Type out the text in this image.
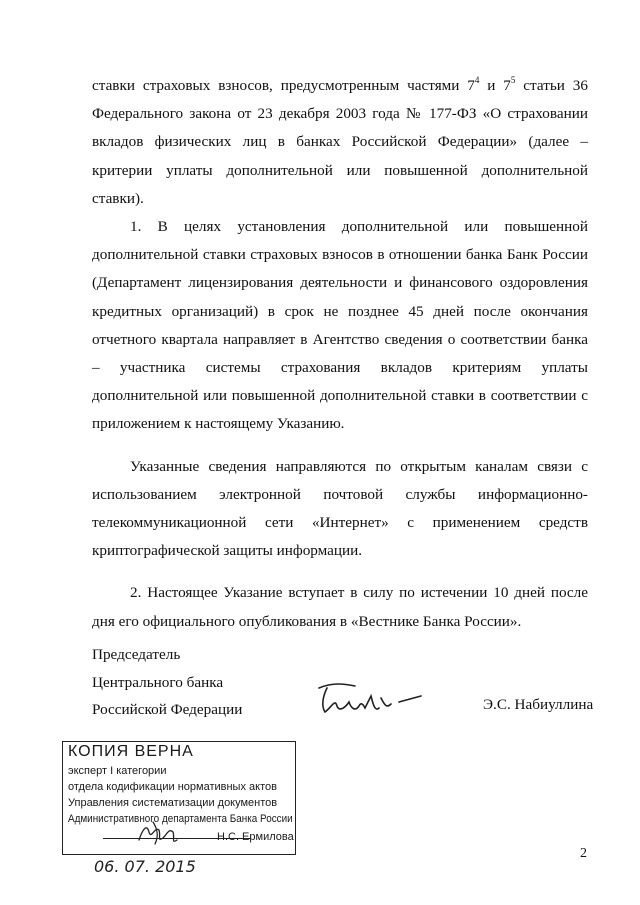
ставки страховых взносов, предусмотренным частями $7^4$ и $7^5$ статьи 36 Федерального закона от 23 декабря 2003 года № 177-ФЗ «О страховании вкладов физических лиц в банках Российской Федерации» (далее – критерии уплаты дополнительной или повышенной дополнительной ставки).

1. В целях установления дополнительной или повышенной дополнительной ставки страховых взносов в отношении банка Банк России (Департамент лицензирования деятельности и финансового оздоровления кредитных организаций) в срок не позднее 45 дней после окончания отчетного квартала направляет в Агентство сведения о соответствии банка – участника системы страхования вкладов критериям уплаты дополнительной или повышенной дополнительной ставки в соответствии с приложением к настоящему Указанию.

Указанные сведения направляются по открытым каналам связи с использованием электронной почтовой службы информационно-телекоммуникационной сети «Интернет» с применением средств криптографической защиты информации.

2. Настоящее Указание вступает в силу по истечении 10 дней после дня его официального опубликования в «Вестнике Банка России».

Председатель
Центрального банка
Российской Федерации	Э.С. Набиуллина
КОПИЯ ВЕРНА
эксперт I категории
отдела кодификации нормативных актов
Управления систематизации документов
Административного департамента Банка России
Н.С. Ермилова
06. 07. 2015
2
